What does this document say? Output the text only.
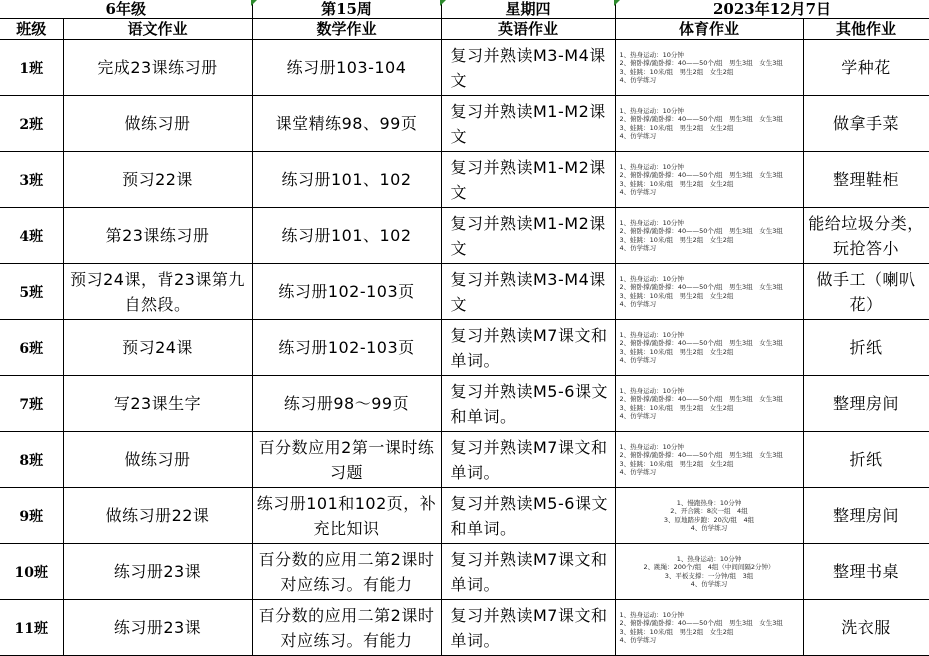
6年级		第15周	星期四	2023年12月7日	
班级	语文作业	数学作业	英语作业	体育作业	其他作业

1班	完成23课练习册	练习册103-104	复习并熟读M3-M4课文	1、热身运动：10分钟
2、俯卧撑/跪卧撑：40——50个/组　男生3组　女生3组
3、蛙跳：10米/组　男生2组　女生2组
4、仿学练习	学种花

2班	做练习册	课堂精练98、99页	复习并熟读M1-M2课文	1、热身运动：10分钟
2、俯卧撑/跪卧撑：40——50个/组　男生3组　女生3组
3、蛙跳：10米/组　男生2组　女生2组
4、仿学练习	做拿手菜

3班	预习22课	练习册101、102	复习并熟读M1-M2课文	1、热身运动：10分钟
2、俯卧撑/跪卧撑：40——50个/组　男生3组　女生3组
3、蛙跳：10米/组　男生2组　女生2组
4、仿学练习	整理鞋柜

4班	第23课练习册	练习册101、102	复习并熟读M1-M2课文	1、热身运动：10分钟
2、俯卧撑/跪卧撑：40——50个/组　男生3组　女生3组
3、蛙跳：10米/组　男生2组　女生2组
4、仿学练习	能给垃圾分类，玩抢答小

5班	预习24课，背23课第九自然段。	练习册102-103页	复习并熟读M3-M4课文	1、热身运动：10分钟
2、俯卧撑/跪卧撑：40——50个/组　男生3组　女生3组
3、蛙跳：10米/组　男生2组　女生2组
4、仿学练习	做手工（喇叭花）

6班	预习24课	练习册102-103页	复习并熟读M7课文和单词。	1、热身运动：10分钟
2、俯卧撑/跪卧撑：40——50个/组　男生3组　女生3组
3、蛙跳：10米/组　男生2组　女生2组
4、仿学练习	折纸

7班	写23课生字	练习册98～99页	复习并熟读M5-6课文和单词。	1、热身运动：10分钟
2、俯卧撑/跪卧撑：40——50个/组　男生3组　女生3组
3、蛙跳：10米/组　男生2组　女生2组
4、仿学练习	整理房间

8班	做练习册	百分数应用2第一课时练习题	复习并熟读M7课文和单词。	1、热身运动：10分钟
2、俯卧撑/跪卧撑：40——50个/组　男生3组　女生3组
3、蛙跳：10米/组　男生2组　女生2组
4、仿学练习	折纸

9班	做练习册22课	练习册101和102页，补充比知识	复习并熟读M5-6课文和单词。	1、慢跑热身：10分钟
2、开合跳：8次一组　4组
3、原地踏步跑：20次/组　4组
4、仿学练习	整理房间

10班	练习册23课	百分数的应用二第2课时对应练习。有能力	复习并熟读M7课文和单词。	1、热身运动：10分钟
2、跳绳：200个/组　4组（中间间隔2分钟）
3、平板支撑：一分钟/组　3组
4、仿学练习	整理书桌

11班	练习册23课	百分数的应用二第2课时对应练习。有能力	复习并熟读M7课文和单词。	1、热身运动：10分钟
2、俯卧撑/跪卧撑：40——50个/组　男生3组　女生3组
3、蛙跳：10米/组　男生2组　女生2组
4、仿学练习	洗衣服
